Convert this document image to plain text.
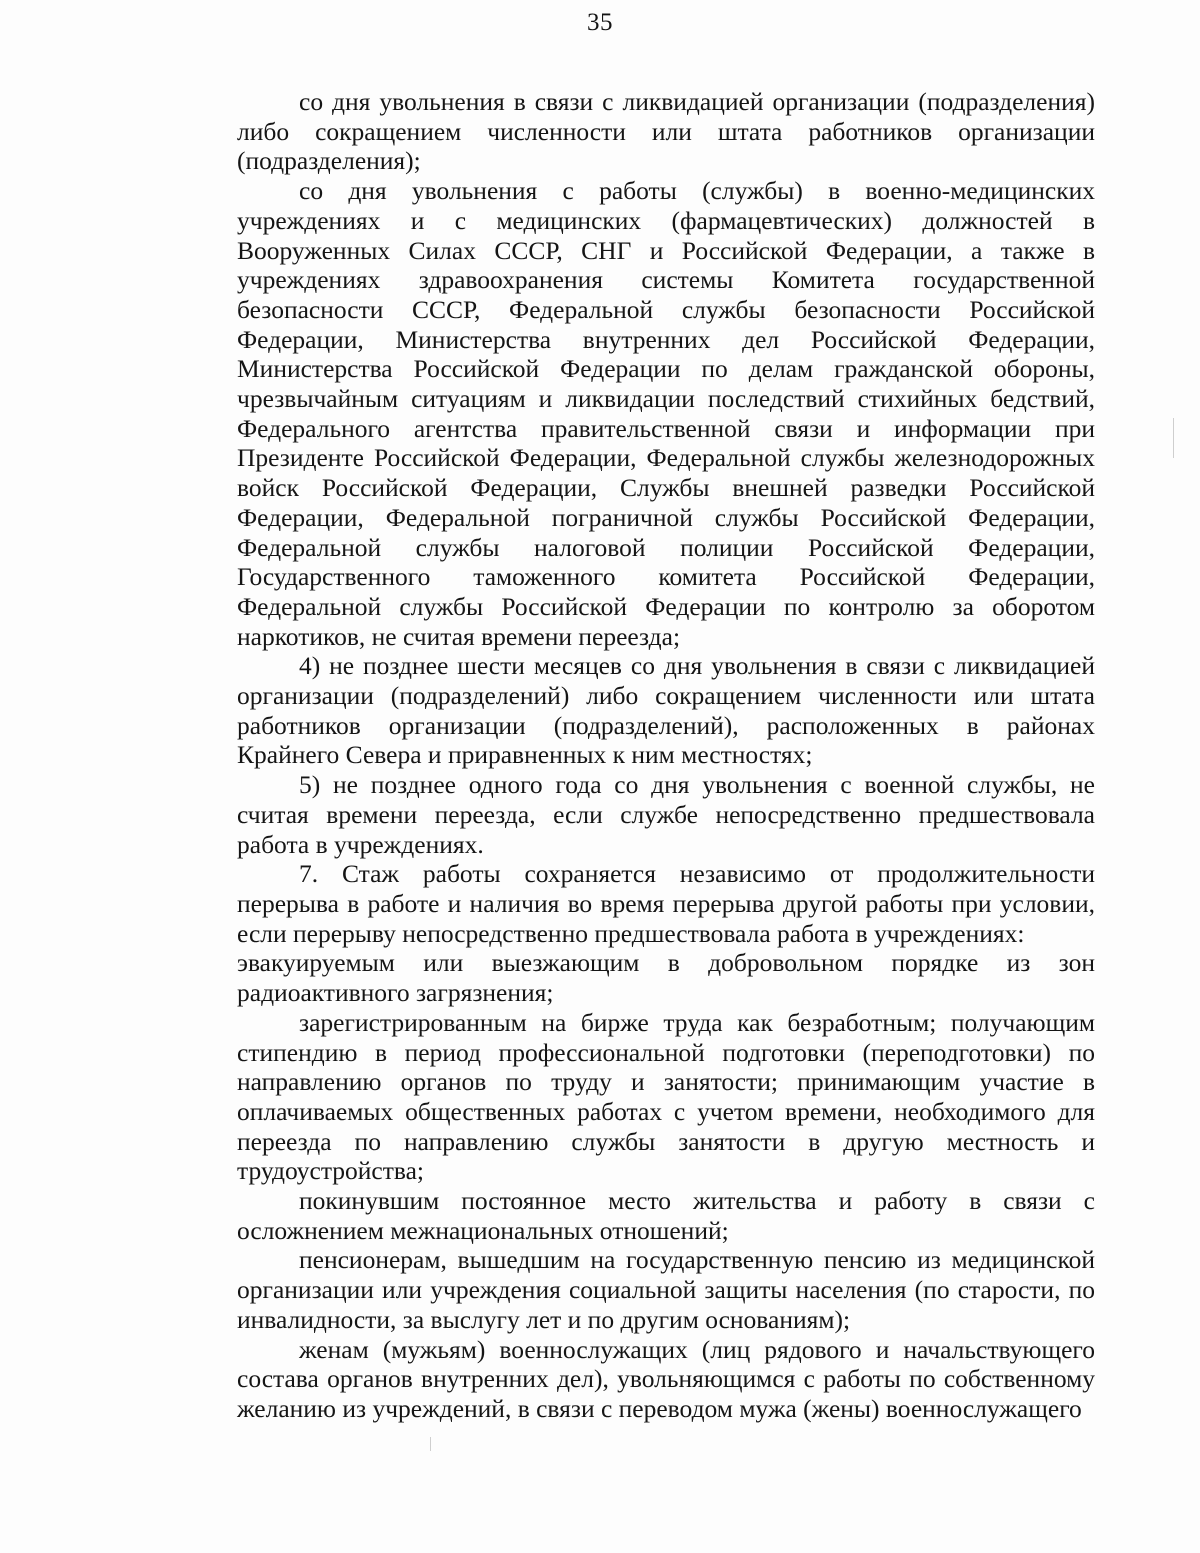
35

со дня увольнения в связи с ликвидацией организации (подразделения) либо сокращением численности или штата работников организации (подразделения);

со дня увольнения с работы (службы) в военно-медицинских учреждениях и с медицинских (фармацевтических) должностей в Вооруженных Силах СССР, СНГ и Российской Федерации, а также в учреждениях здравоохранения системы Комитета государственной безопасности СССР, Федеральной службы безопасности Российской Федерации, Министерства внутренних дел Российской Федерации, Министерства Российской Федерации по делам гражданской обороны, чрезвычайным ситуациям и ликвидации последствий стихийных бедствий, Федерального агентства правительственной связи и информации при Президенте Российской Федерации, Федеральной службы железнодорожных войск Российской Федерации, Службы внешней разведки Российской Федерации, Федеральной пограничной службы Российской Федерации, Федеральной службы налоговой полиции Российской Федерации, Государственного таможенного комитета Российской Федерации, Федеральной службы Российской Федерации по контролю за оборотом наркотиков, не считая времени переезда;

4) не позднее шести месяцев со дня увольнения в связи с ликвидацией организации (подразделений) либо сокращением численности или штата работников организации (подразделений), расположенных в районах Крайнего Севера и приравненных к ним местностях;

5) не позднее одного года со дня увольнения с военной службы, не считая времени переезда, если службе непосредственно предшествовала работа в учреждениях.

7. Стаж работы сохраняется независимо от продолжительности перерыва в работе и наличия во время перерыва другой работы при условии, если перерыву непосредственно предшествовала работа в учреждениях:

эвакуируемым или выезжающим в добровольном порядке из зон радиоактивного загрязнения;

зарегистрированным на бирже труда как безработным; получающим стипендию в период профессиональной подготовки (переподготовки) по направлению органов по труду и занятости; принимающим участие в оплачиваемых общественных работах с учетом времени, необходимого для переезда по направлению службы занятости в другую местность и трудоустройства;

покинувшим постоянное место жительства и работу в связи с осложнением межнациональных отношений;

пенсионерам, вышедшим на государственную пенсию из медицинской организации или учреждения социальной защиты населения (по старости, по инвалидности, за выслугу лет и по другим основаниям);

женам (мужьям) военнослужащих (лиц рядового и начальствующего состава органов внутренних дел), увольняющимся с работы по собственному желанию из учреждений, в связи с переводом мужа (жены) военнослужащего
